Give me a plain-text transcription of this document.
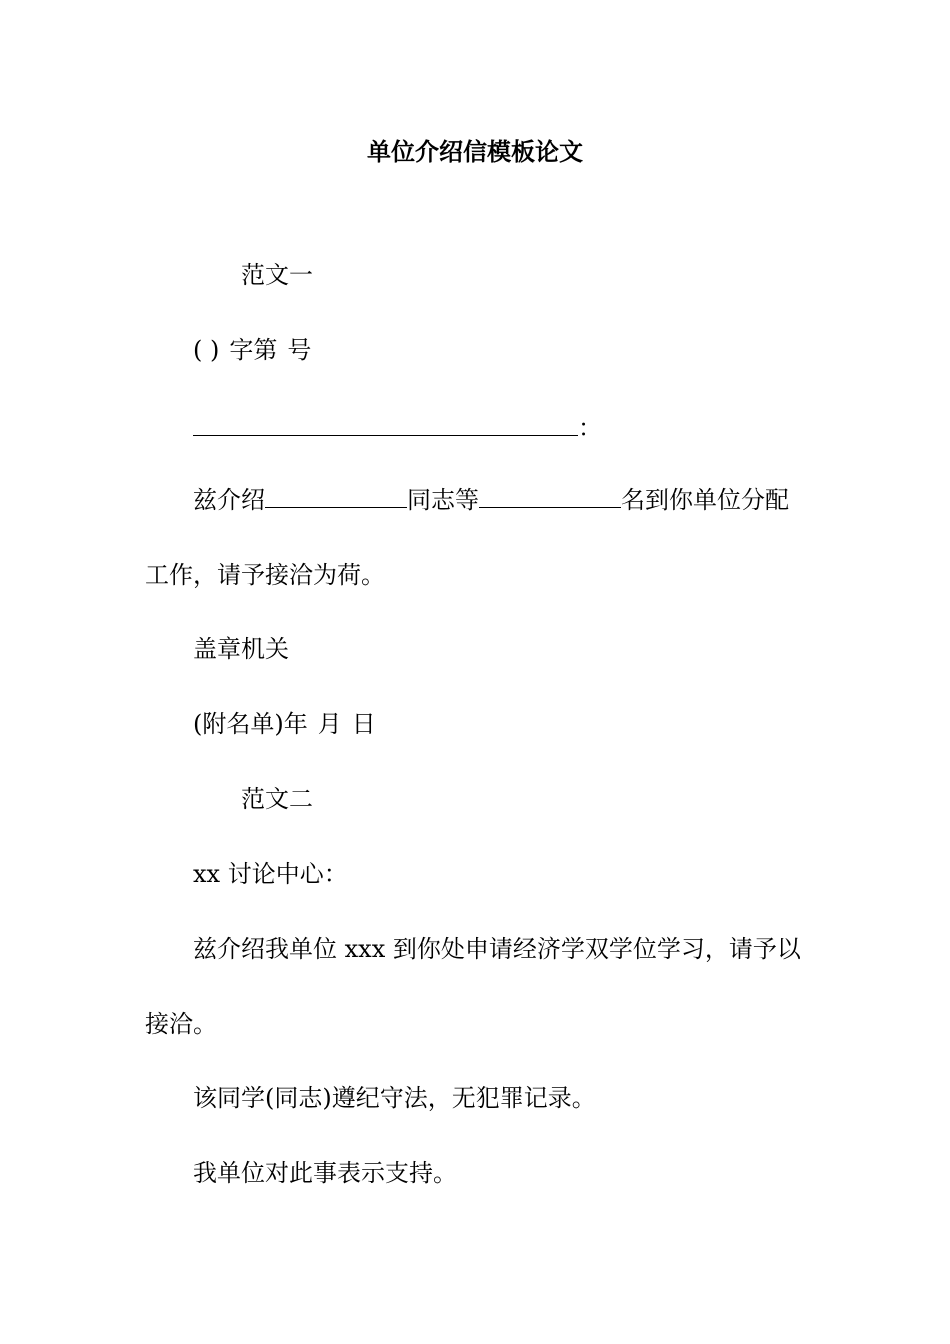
单位介绍信模板论文
范文一
( ) 字第 号
：
兹介绍	同志等	名到你单位分配
工作，请予接洽为荷。
盖章机关
(附名单)年 月 日
范文二
xx 讨论中心：
兹介绍我单位 xxx 到你处申请经济学双学位学习，请予以
接洽。
该同学(同志)遵纪守法，无犯罪记录。
我单位对此事表示支持。
